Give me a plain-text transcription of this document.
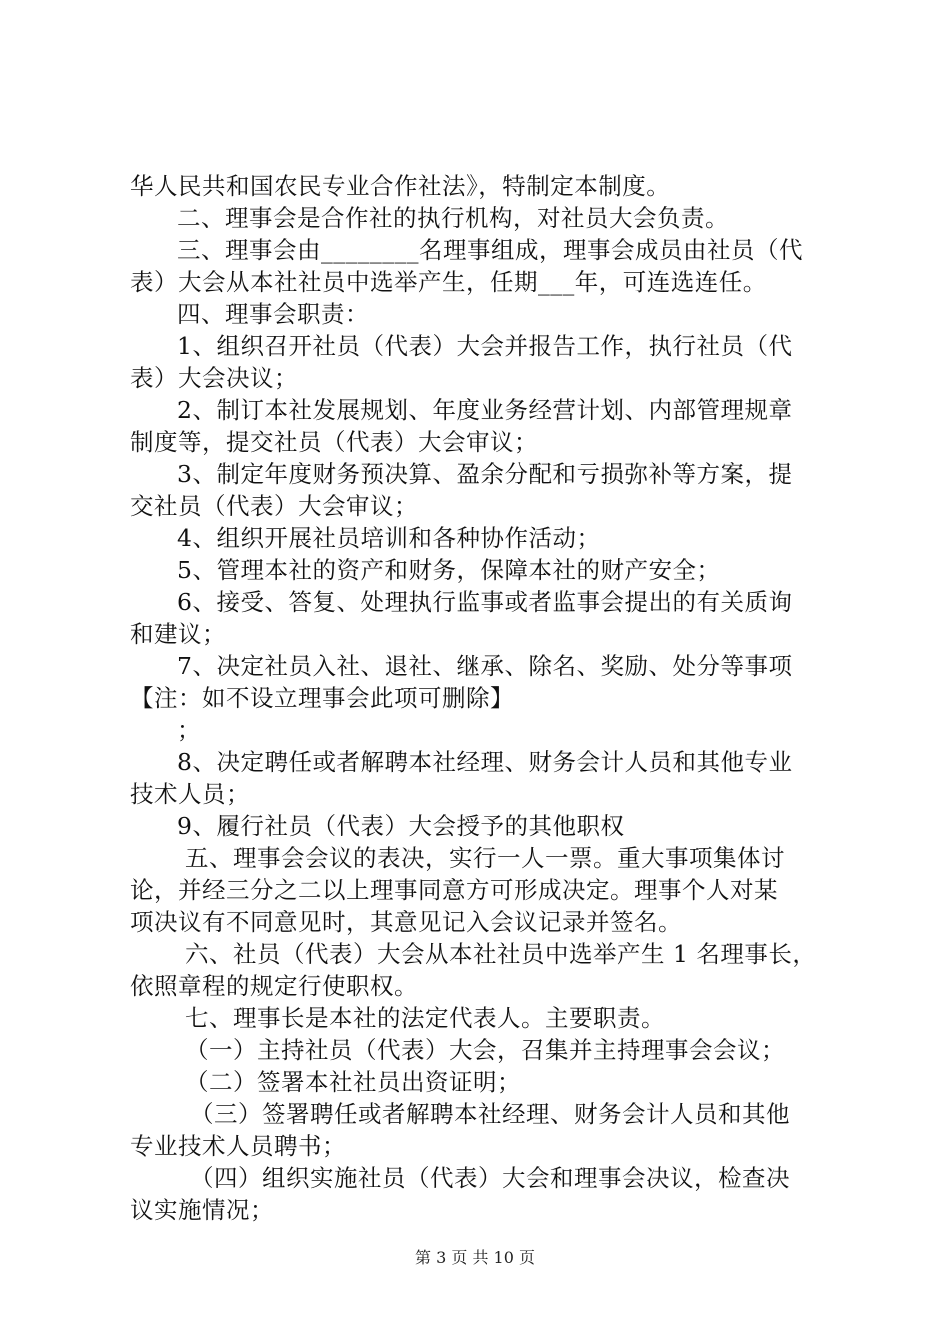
华人民共和国农民专业合作社法》，特制定本制度。
二、理事会是合作社的执行机构，对社员大会负责。
三、理事会由________名理事组成，理事会成员由社员（代
表）大会从本社社员中选举产生，任期___年，可连选连任。
四、理事会职责：
1、组织召开社员（代表）大会并报告工作，执行社员（代
表）大会决议；
2、制订本社发展规划、年度业务经营计划、内部管理规章
制度等，提交社员（代表）大会审议；
3、制定年度财务预决算、盈余分配和亏损弥补等方案，提
交社员（代表）大会审议；
4、组织开展社员培训和各种协作活动；
5、管理本社的资产和财务，保障本社的财产安全；
6、接受、答复、处理执行监事或者监事会提出的有关质询
和建议；
7、决定社员入社、退社、继承、除名、奖励、处分等事项
【注：如不设立理事会此项可删除】
；
8、决定聘任或者解聘本社经理、财务会计人员和其他专业
技术人员；
9、履行社员（代表）大会授予的其他职权
五、理事会会议的表决，实行一人一票。重大事项集体讨
论，并经三分之二以上理事同意方可形成决定。理事个人对某
项决议有不同意见时，其意见记入会议记录并签名。
六、社员（代表）大会从本社社员中选举产生 1 名理事长，
依照章程的规定行使职权。
七、理事长是本社的法定代表人。主要职责。
（一）主持社员（代表）大会，召集并主持理事会会议；
（二）签署本社社员出资证明；
（三）签署聘任或者解聘本社经理、财务会计人员和其他
专业技术人员聘书；
（四）组织实施社员（代表）大会和理事会决议，检查决
议实施情况；
第 3 页 共 10 页
